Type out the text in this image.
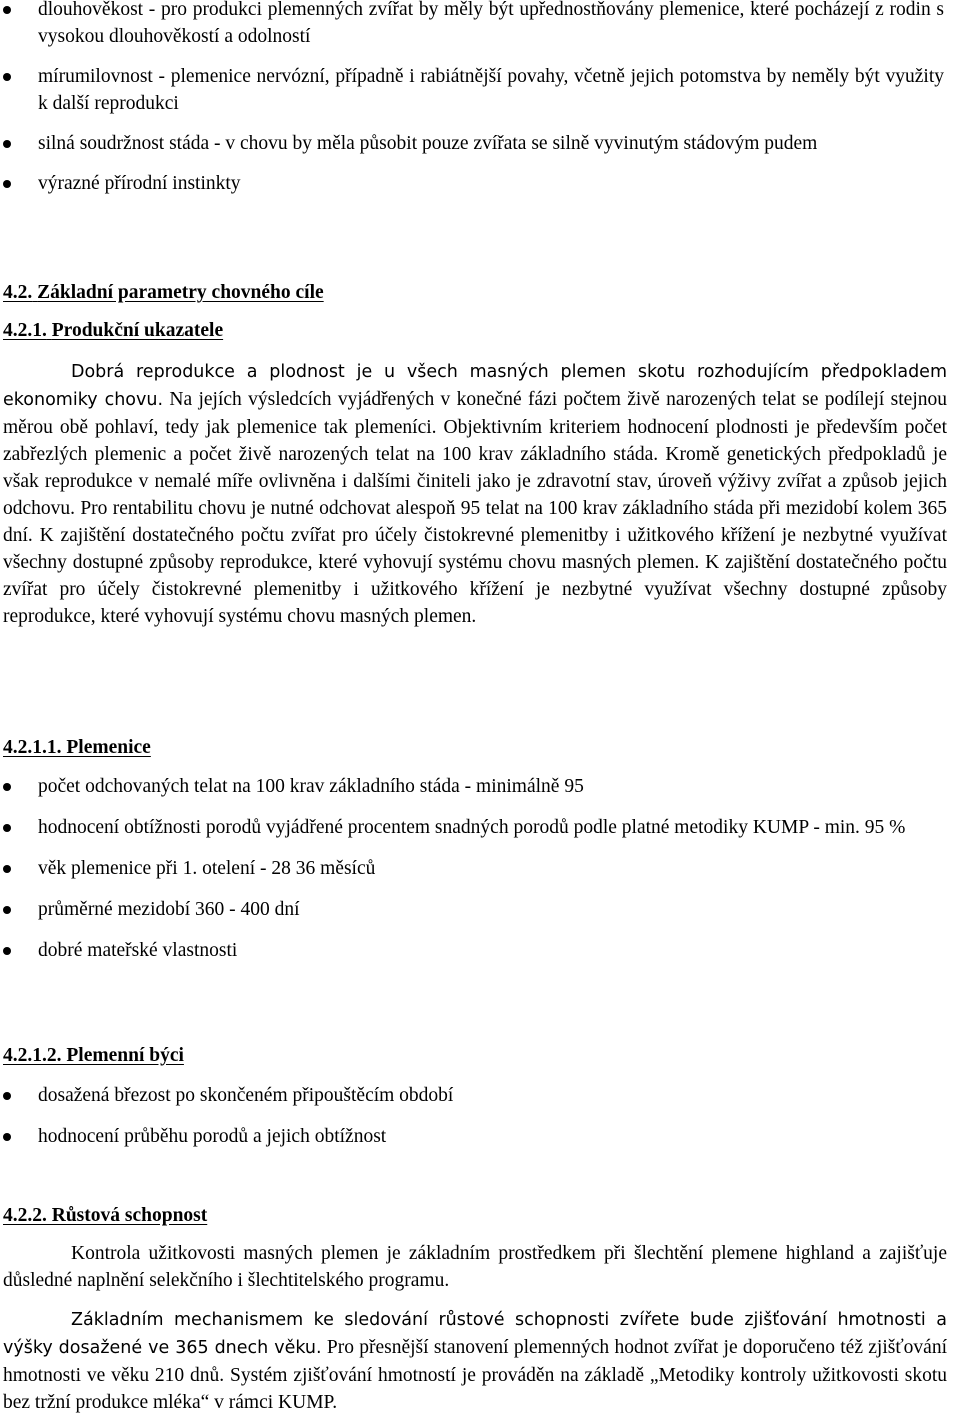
dlouhověkost - pro produkci plemenných zvířat by měly být upřednostňovány plemenice, které pocházejí z rodin s vysokou dlouhověkostí a odolností
mírumilovnost - plemenice nervózní, případně i rabiátnější povahy, včetně jejich potomstva by neměly být využity k další reprodukci
silná soudržnost stáda - v chovu by měla působit pouze zvířata se silně vyvinutým stádovým pudem
výrazné přírodní instinkty
4.2. Základní parametry chovného cíle
4.2.1. Produkční ukazatele

Dobrá reprodukce a plodnost je u všech masných plemen skotu rozhodujícím předpokladem ekonomiky chovu. Na jejích výsledcích vyjádřených v konečné fázi počtem živě narozených telat se podílejí stejnou měrou obě pohlaví, tedy jak plemenice tak plemeníci. Objektivním kriteriem hodnocení plodnosti je především počet zabřezlých plemenic a počet živě narozených telat na 100 krav základního stáda. Kromě genetických předpokladů je však reprodukce v nemalé míře ovlivněna i dalšími činiteli jako je zdravotní stav, úroveň výživy zvířat a způsob jejich odchovu. Pro rentabilitu chovu je nutné odchovat alespoň 95 telat na 100 krav základního stáda při mezidobí kolem 365 dní. K zajištění dostatečného počtu zvířat pro účely čistokrevné plemenitby i užitkového křížení je nezbytné využívat všechny dostupné způsoby reprodukce, které vyhovují systému chovu masných plemen. K zajištění dostatečného počtu zvířat pro účely čistokrevné plemenitby i užitkového křížení je nezbytné využívat všechny dostupné způsoby reprodukce, které vyhovují systému chovu masných plemen.

4.2.1.1. Plemenice
počet odchovaných telat na 100 krav základního stáda - minimálně 95
hodnocení obtížnosti porodů vyjádřené procentem snadných porodů podle platné metodiky KUMP - min. 95 %
věk plemenice při 1. otelení - 28 36 měsíců
průměrné mezidobí 360 - 400 dní
dobré mateřské vlastnosti
4.2.1.2. Plemenní býci
dosažená březost po skončeném připouštěcím období
hodnocení průběhu porodů a jejich obtížnost
4.2.2. Růstová schopnost

Kontrola užitkovosti masných plemen je základním prostředkem při šlechtění plemene highland a zajišťuje důsledné naplnění selekčního i šlechtitelského programu.

Základním mechanismem ke sledování růstové schopnosti zvířete bude zjišťování hmotnosti a výšky dosažené ve 365 dnech věku. Pro přesnější stanovení plemenných hodnot zvířat je doporučeno též zjišťování hmotnosti ve věku 210 dnů. Systém zjišťování hmotností je prováděn na základě „Metodiky kontroly užitkovosti skotu bez tržní produkce mléka“ v rámci KUMP.
